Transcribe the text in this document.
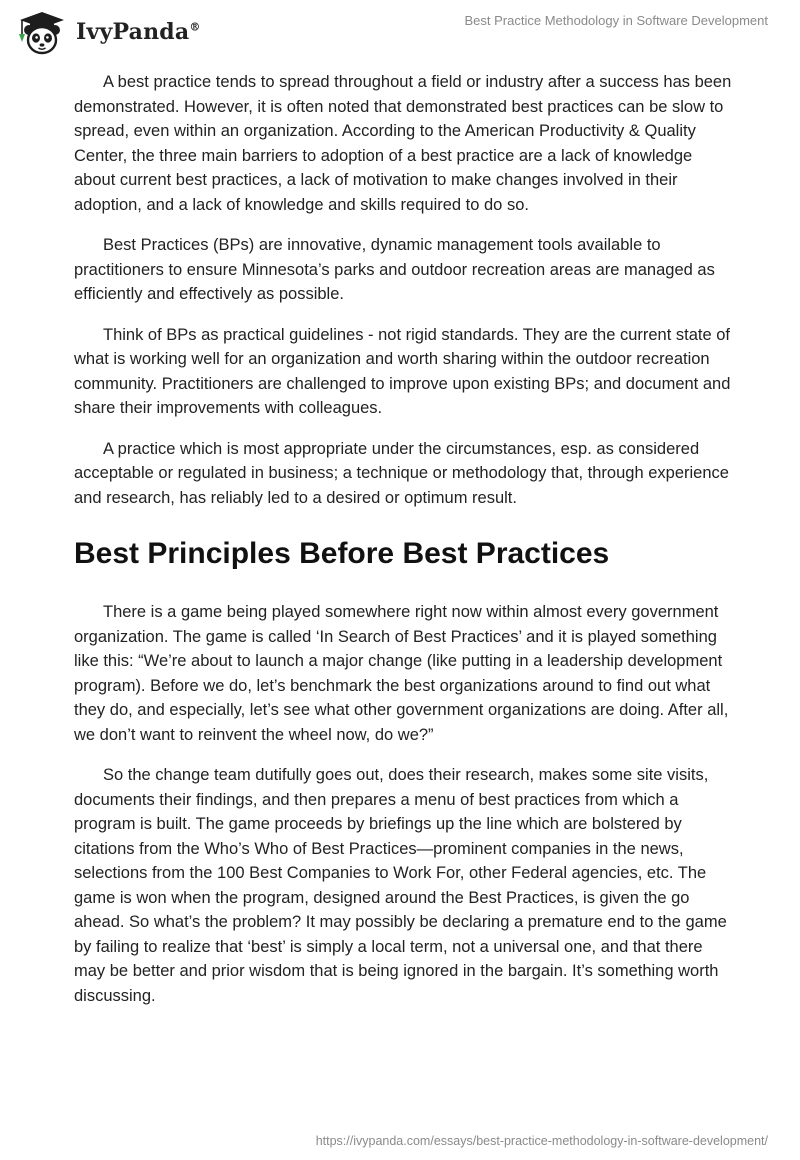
IvyPanda®	Best Practice Methodology in Software Development

A best practice tends to spread throughout a field or industry after a success has been demonstrated. However, it is often noted that demonstrated best practices can be slow to spread, even within an organization. According to the American Productivity & Quality Center, the three main barriers to adoption of a best practice are a lack of knowledge about current best practices, a lack of motivation to make changes involved in their adoption, and a lack of knowledge and skills required to do so.

Best Practices (BPs) are innovative, dynamic management tools available to practitioners to ensure Minnesota’s parks and outdoor recreation areas are managed as efficiently and effectively as possible.

Think of BPs as practical guidelines - not rigid standards. They are the current state of what is working well for an organization and worth sharing within the outdoor recreation community. Practitioners are challenged to improve upon existing BPs; and document and share their improvements with colleagues.

A practice which is most appropriate under the circumstances, esp. as considered acceptable or regulated in business; a technique or methodology that, through experience and research, has reliably led to a desired or optimum result.

Best Principles Before Best Practices

There is a game being played somewhere right now within almost every government organization. The game is called ‘In Search of Best Practices’ and it is played something like this: “We’re about to launch a major change (like putting in a leadership development program). Before we do, let’s benchmark the best organizations around to find out what they do, and especially, let’s see what other government organizations are doing. After all, we don’t want to reinvent the wheel now, do we?”

So the change team dutifully goes out, does their research, makes some site visits, documents their findings, and then prepares a menu of best practices from which a program is built. The game proceeds by briefings up the line which are bolstered by citations from the Who’s Who of Best Practices—prominent companies in the news, selections from the 100 Best Companies to Work For, other Federal agencies, etc. The game is won when the program, designed around the Best Practices, is given the go ahead. So what’s the problem? It may possibly be declaring a premature end to the game by failing to realize that ‘best’ is simply a local term, not a universal one, and that there may be better and prior wisdom that is being ignored in the bargain. It’s something worth discussing.

https://ivypanda.com/essays/best-practice-methodology-in-software-development/
